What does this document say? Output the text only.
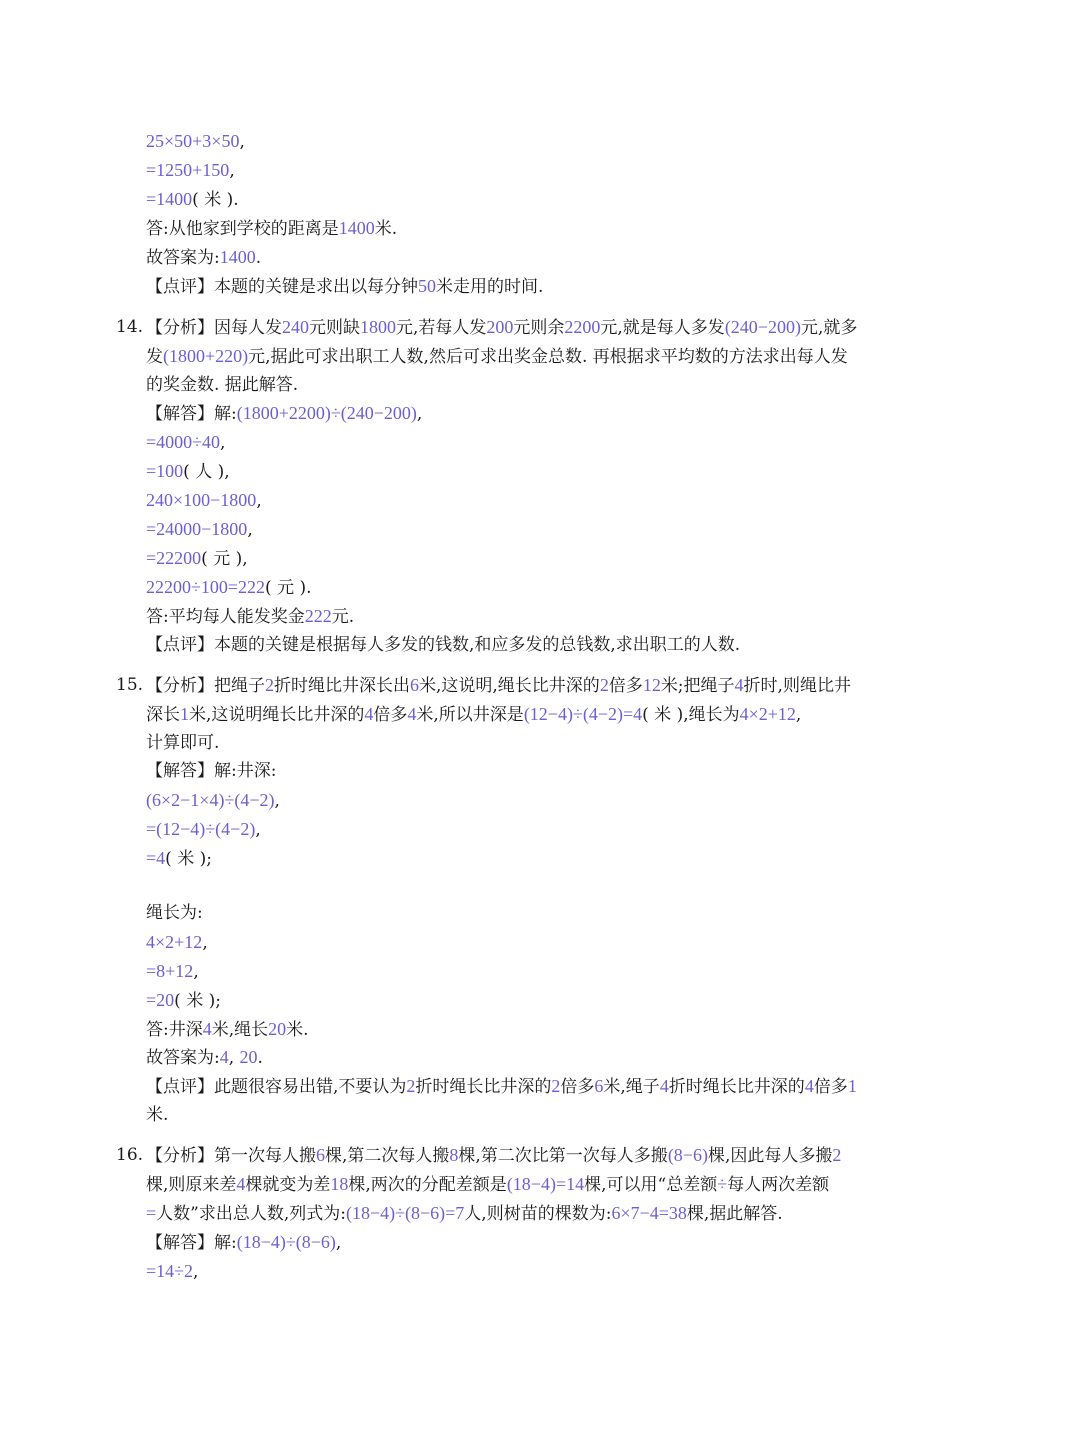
25×50+3×50,
=1250+150,
=1400( 米 ).
答:从他家到学校的距离是1400米.
故答案为:1400.
【点评】本题的关键是求出以每分钟50米走用的时间.
14. 【分析】因每人发240元则缺1800元,若每人发200元则余2200元,就是每人多发(240−200)元,就多
发(1800+220)元,据此可求出职工人数,然后可求出奖金总数. 再根据求平均数的方法求出每人发
的奖金数. 据此解答.
【解答】解:(1800+2200)÷(240−200),
=4000÷40,
=100( 人 ),
240×100−1800,
=24000−1800,
=22200( 元 ),
22200÷100=222( 元 ).
答:平均每人能发奖金222元.
【点评】本题的关键是根据每人多发的钱数,和应多发的总钱数,求出职工的人数.
15. 【分析】把绳子2折时绳比井深长出6米,这说明,绳长比井深的2倍多12米;把绳子4折时,则绳比井
深长1米,这说明绳长比井深的4倍多4米,所以井深是(12−4)÷(4−2)=4( 米 ),绳长为4×2+12,
计算即可.
【解答】解:井深:
(6×2−1×4)÷(4−2),
=(12−4)÷(4−2),
=4( 米 );
绳长为:
4×2+12,
=8+12,
=20( 米 );
答:井深4米,绳长20米.
故答案为:4, 20.
【点评】此题很容易出错,不要认为2折时绳长比井深的2倍多6米,绳子4折时绳长比井深的4倍多1
米.
16. 【分析】第一次每人搬6棵,第二次每人搬8棵,第二次比第一次每人多搬(8−6)棵,因此每人多搬2
棵,则原来差4棵就变为差18棵,两次的分配差额是(18−4)=14棵,可以用“总差额÷每人两次差额
=人数”求出总人数,列式为:(18−4)÷(8−6)=7人,则树苗的棵数为:6×7−4=38棵,据此解答.
【解答】解:(18−4)÷(8−6),
=14÷2,
